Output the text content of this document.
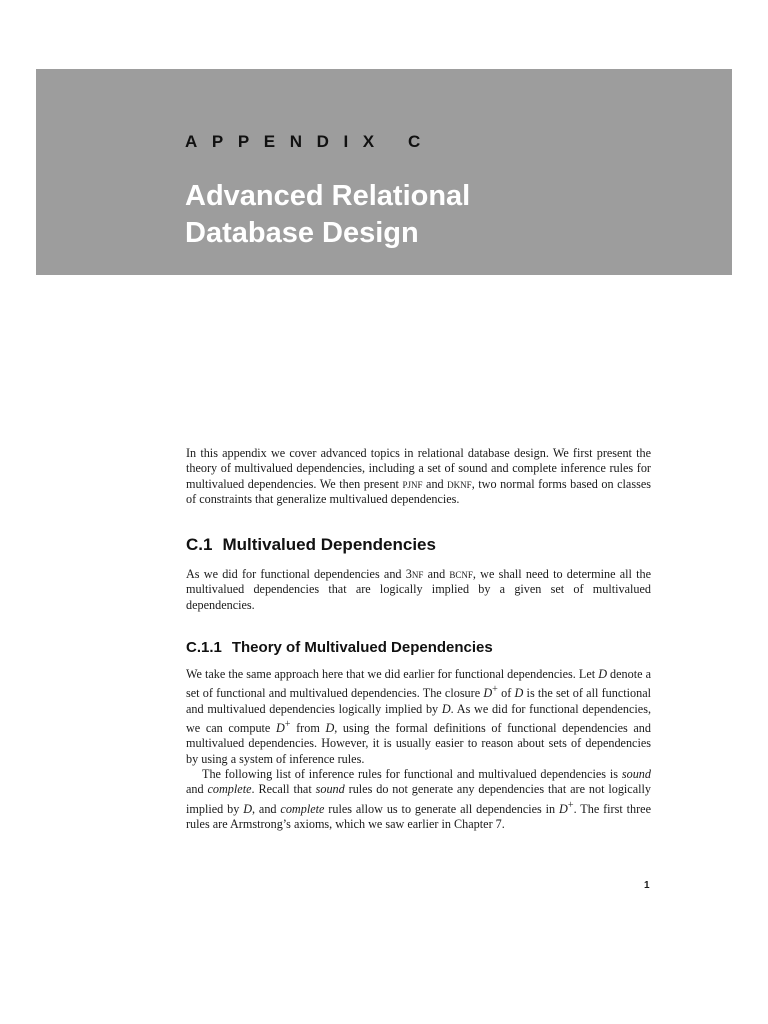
APPENDIX C
Advanced Relational
Database Design

In this appendix we cover advanced topics in relational database design. We first present the theory of multivalued dependencies, including a set of sound and complete inference rules for multivalued dependencies. We then present pjnf and dknf, two normal forms based on classes of constraints that generalize multivalued dependencies.

C.1 Multivalued Dependencies

As we did for functional dependencies and 3nf and bcnf, we shall need to determine all the multivalued dependencies that are logically implied by a given set of multivalued dependencies.

C.1.1 Theory of Multivalued Dependencies

We take the same approach here that we did earlier for functional dependencies. Let D denote a set of functional and multivalued dependencies. The closure D+ of D is the set of all functional and multivalued dependencies logically implied by D. As we did for functional dependencies, we can compute D+ from D, using the formal definitions of functional dependencies and multivalued dependencies. However, it is usually easier to reason about sets of dependencies by using a system of inference rules.

The following list of inference rules for functional and multivalued dependencies is sound and complete. Recall that sound rules do not generate any dependencies that are not logically implied by D, and complete rules allow us to generate all dependencies in D+. The first three rules are Armstrong’s axioms, which we saw earlier in Chapter 7.

1
